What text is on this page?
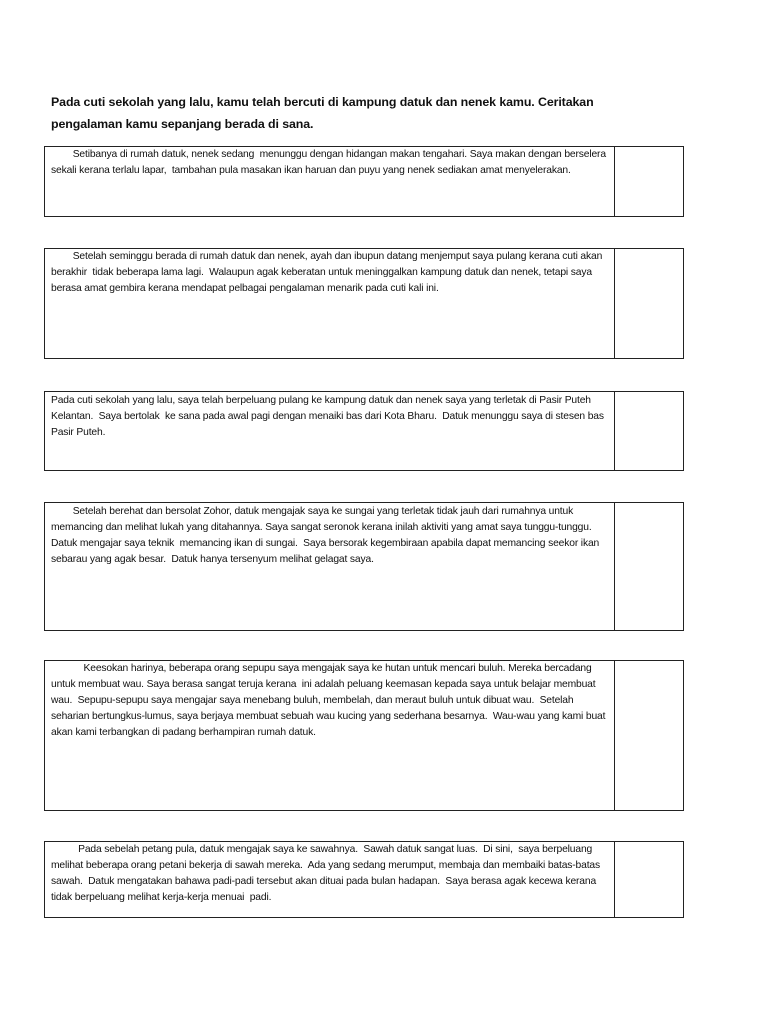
Pada cuti sekolah yang lalu, kamu telah bercuti di kampung datuk dan nenek kamu. Ceritakan pengalaman kamu sepanjang berada di sana.
Setibanya di rumah datuk, nenek sedang  menunggu dengan hidangan makan tengahari. Saya makan dengan berselera sekali kerana terlalu lapar,  tambahan pula masakan ikan haruan dan puyu yang nenek sediakan amat menyelerakan.
Setelah seminggu berada di rumah datuk dan nenek, ayah dan ibupun datang menjemput saya pulang kerana cuti akan berakhir  tidak beberapa lama lagi.  Walaupun agak keberatan untuk meninggalkan kampung datuk dan nenek, tetapi saya berasa amat gembira kerana mendapat pelbagai pengalaman menarik pada cuti kali ini.
Pada cuti sekolah yang lalu, saya telah berpeluang pulang ke kampung datuk dan nenek saya yang terletak di Pasir Puteh Kelantan.  Saya bertolak  ke sana pada awal pagi dengan menaiki bas dari Kota Bharu.  Datuk menunggu saya di stesen bas Pasir Puteh.
Setelah berehat dan bersolat Zohor, datuk mengajak saya ke sungai yang terletak tidak jauh dari rumahnya untuk memancing dan melihat lukah yang ditahannya. Saya sangat seronok kerana inilah aktiviti yang amat saya tunggu-tunggu.  Datuk mengajar saya teknik  memancing ikan di sungai.  Saya bersorak kegembiraan apabila dapat memancing seekor ikan sebarau yang agak besar.  Datuk hanya tersenyum melihat gelagat saya.
Keesokan harinya, beberapa orang sepupu saya mengajak saya ke hutan untuk mencari buluh. Mereka bercadang untuk membuat wau. Saya berasa sangat teruja kerana  ini adalah peluang keemasan kepada saya untuk belajar membuat  wau.  Sepupu-sepupu saya mengajar saya menebang buluh, membelah, dan meraut buluh untuk dibuat wau.  Setelah seharian bertungkus-lumus, saya berjaya membuat sebuah wau kucing yang sederhana besarnya.  Wau-wau yang kami buat akan kami terbangkan di padang berhampiran rumah datuk.
Pada sebelah petang pula, datuk mengajak saya ke sawahnya.  Sawah datuk sangat luas.  Di sini,  saya berpeluang melihat beberapa orang petani bekerja di sawah mereka.  Ada yang sedang merumput, membaja dan membaiki batas-batas sawah.  Datuk mengatakan bahawa padi-padi tersebut akan dituai pada bulan hadapan.  Saya berasa agak kecewa kerana tidak berpeluang melihat kerja-kerja menuai  padi.
